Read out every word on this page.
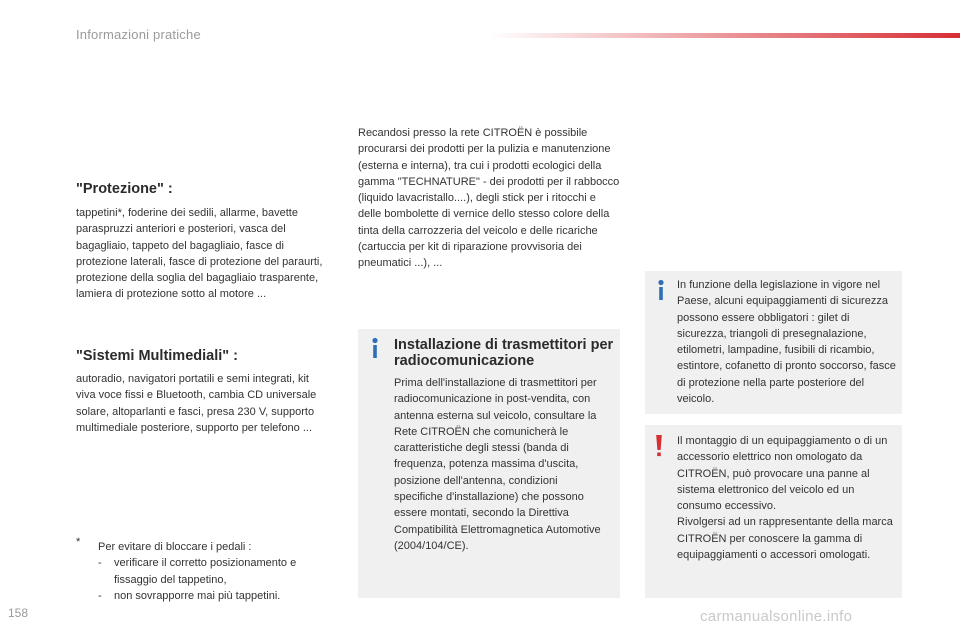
Informazioni pratiche
"Protezione" :

tappetini*, foderine dei sedili, allarme, bavette paraspruzzi anteriori e posteriori, vasca del bagagliaio, tappeto del bagagliaio, fasce di protezione laterali, fasce di protezione del paraurti, protezione della soglia del bagagliaio trasparente, lamiera di protezione sotto al motore ...

"Sistemi Multimediali" :

autoradio, navigatori portatili e semi integrati, kit viva voce fissi e Bluetooth, cambia CD universale solare, altoparlanti e fasci, presa 230 V, supporto multimediale posteriore, supporto per telefono ...

* Per evitare di bloccare i pedali :
- verificare il corretto posizionamento e fissaggio del tappetino,
- non sovrapporre mai più tappetini.

Recandosi presso la rete CITROËN è possibile procurarsi dei prodotti per la pulizia e manutenzione (esterna e interna), tra cui i prodotti ecologici della gamma "TECHNATURE" - dei prodotti per il rabbocco (liquido lavacristallo....), degli stick per i ritocchi e delle bombolette di vernice dello stesso colore della tinta della carrozzeria del veicolo e delle ricariche (cartuccia per kit di riparazione provvisoria dei pneumatici ...), ...

Installazione di trasmettitori per radiocomunicazione

Prima dell'installazione di trasmettitori per radiocomunicazione in post-vendita, con antenna esterna sul veicolo, consultare la Rete CITROËN che comunicherà le caratteristiche degli stessi (banda di frequenza, potenza massima d'uscita, posizione dell'antenna, condizioni specifiche d'installazione) che possono essere montati, secondo la Direttiva Compatibilità Elettromagnetica Automotive (2004/104/CE).

In funzione della legislazione in vigore nel Paese, alcuni equipaggiamenti di sicurezza possono essere obbligatori : gilet di sicurezza, triangoli di presegnalazione, etilometri, lampadine, fusibili di ricambio, estintore, cofanetto di pronto soccorso, fasce di protezione nella parte posteriore del veicolo.

Il montaggio di un equipaggiamento o di un accessorio elettrico non omologato da CITROËN, può provocare una panne al sistema elettronico del veicolo ed un consumo eccessivo.
Rivolgersi ad un rappresentante della marca CITROËN per conoscere la gamma di equipaggiamenti o accessori omologati.
158	carmanualsonline.info
